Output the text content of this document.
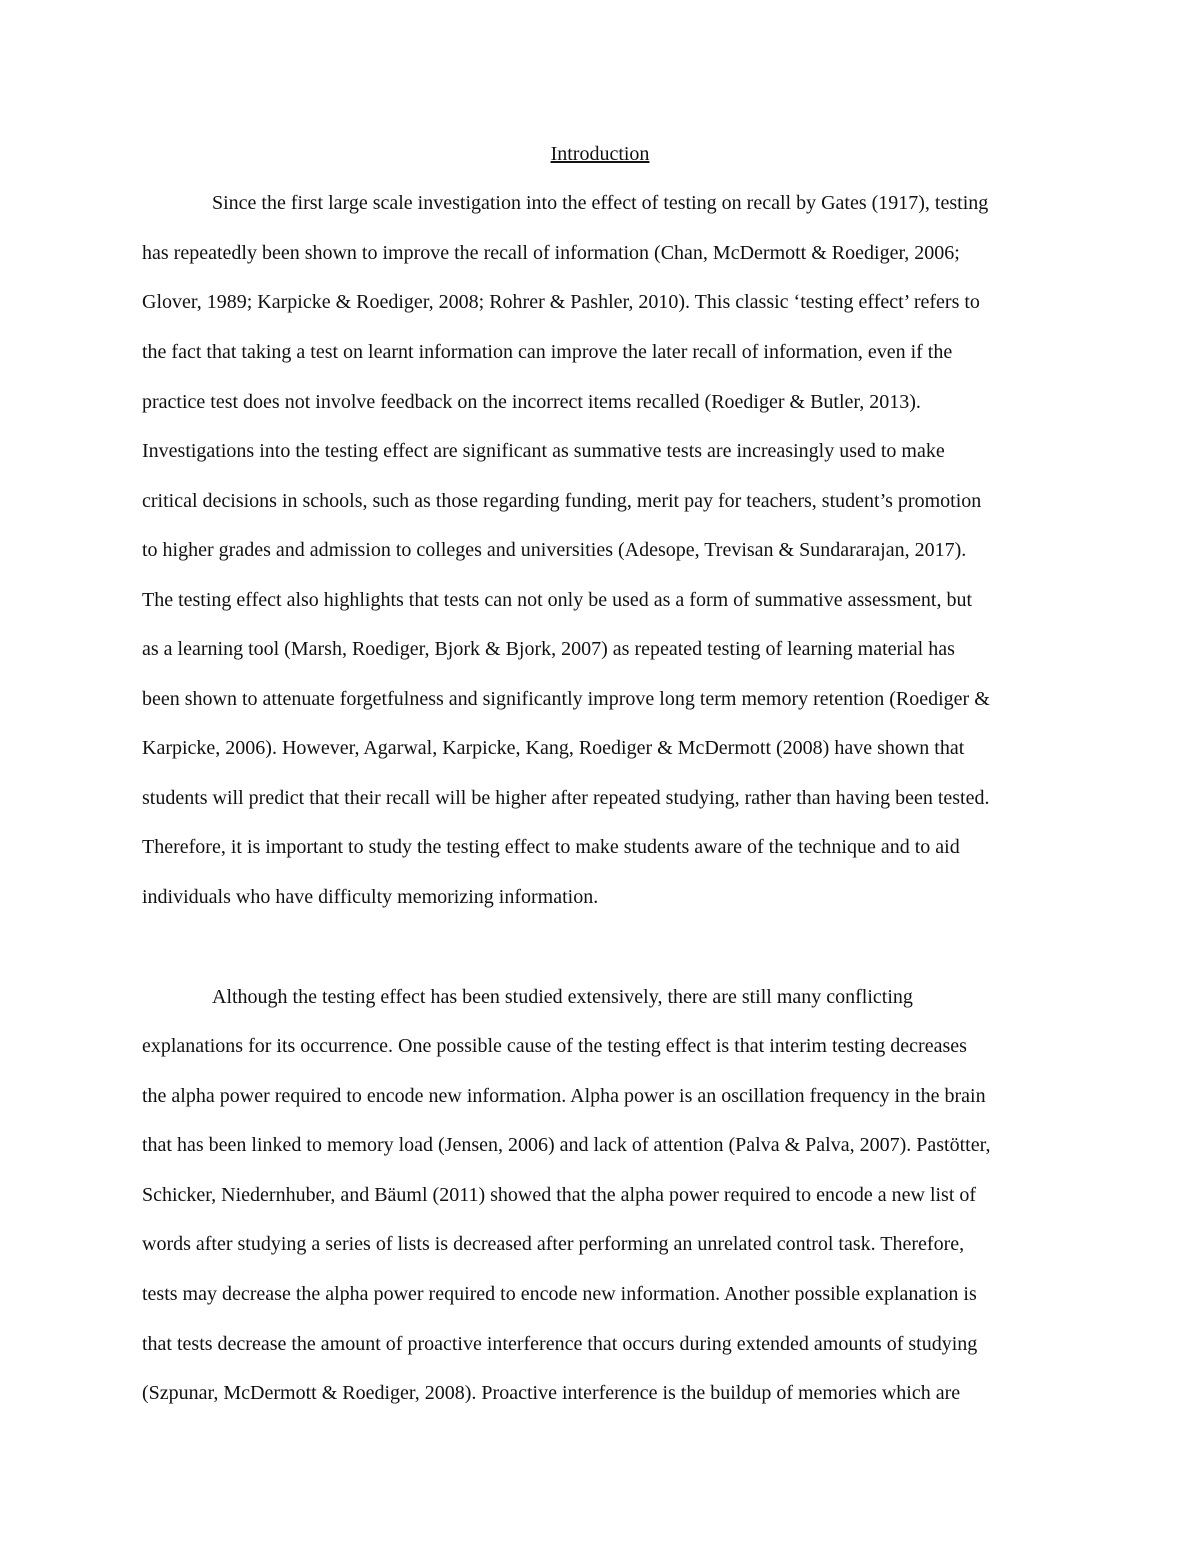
Introduction
Since the first large scale investigation into the effect of testing on recall by Gates (1917), testing
has repeatedly been shown to improve the recall of information (Chan, McDermott & Roediger, 2006;
Glover, 1989; Karpicke & Roediger, 2008; Rohrer & Pashler, 2010). This classic ‘testing effect’ refers to
the fact that taking a test on learnt information can improve the later recall of information, even if the
practice test does not involve feedback on the incorrect items recalled (Roediger & Butler, 2013).
Investigations into the testing effect are significant as summative tests are increasingly used to make
critical decisions in schools, such as those regarding funding, merit pay for teachers, student’s promotion
to higher grades and admission to colleges and universities (Adesope, Trevisan & Sundararajan, 2017).
The testing effect also highlights that tests can not only be used as a form of summative assessment, but
as a learning tool (Marsh, Roediger, Bjork & Bjork, 2007) as repeated testing of learning material has
been shown to attenuate forgetfulness and significantly improve long term memory retention (Roediger &
Karpicke, 2006). However, Agarwal, Karpicke, Kang, Roediger & McDermott (2008) have shown that
students will predict that their recall will be higher after repeated studying, rather than having been tested.
Therefore, it is important to study the testing effect to make students aware of the technique and to aid
individuals who have difficulty memorizing information.
Although the testing effect has been studied extensively, there are still many conflicting
explanations for its occurrence. One possible cause of the testing effect is that interim testing decreases
the alpha power required to encode new information. Alpha power is an oscillation frequency in the brain
that has been linked to memory load (Jensen, 2006) and lack of attention (Palva & Palva, 2007). Pastötter,
Schicker, Niedernhuber, and Bäuml (2011) showed that the alpha power required to encode a new list of
words after studying a series of lists is decreased after performing an unrelated control task. Therefore,
tests may decrease the alpha power required to encode new information. Another possible explanation is
that tests decrease the amount of proactive interference that occurs during extended amounts of studying
(Szpunar, McDermott & Roediger, 2008). Proactive interference is the buildup of memories which are
